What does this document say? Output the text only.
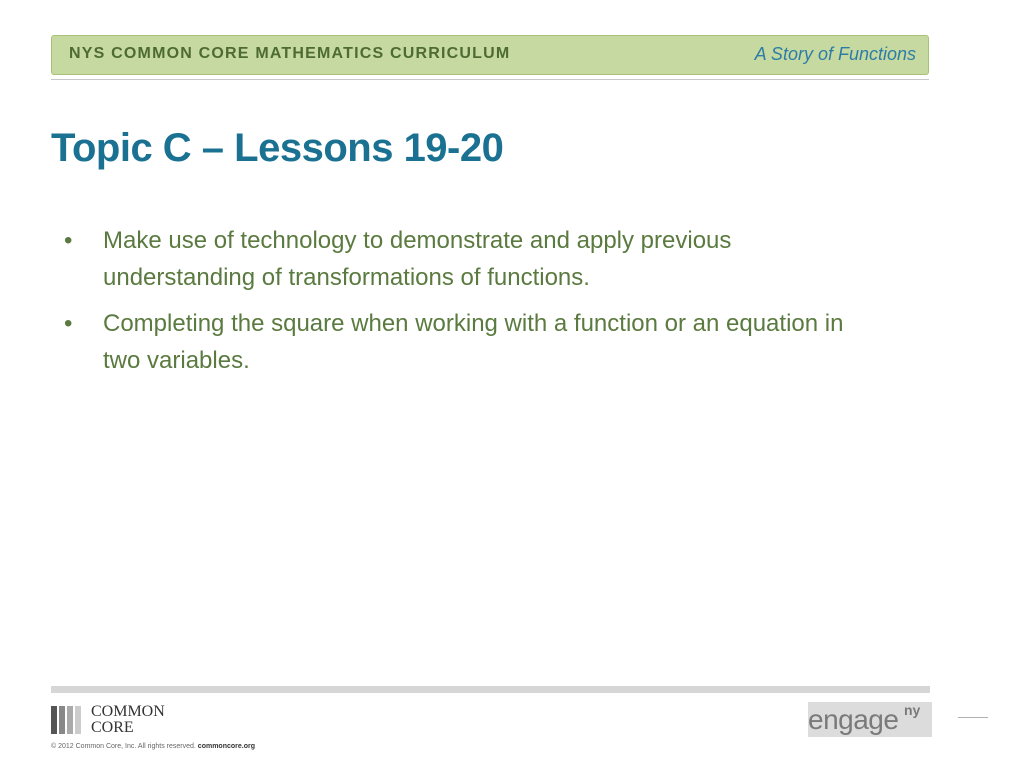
NYS COMMON CORE MATHEMATICS CURRICULUM	A Story of Functions
Topic C – Lessons 19-20
• Make use of technology to demonstrate and apply previous understanding of transformations of functions.
• Completing the square when working with a function or an equation in two variables.
COMMON
CORE
© 2012 Common Core, Inc. All rights reserved. commoncore.org
engage ny
